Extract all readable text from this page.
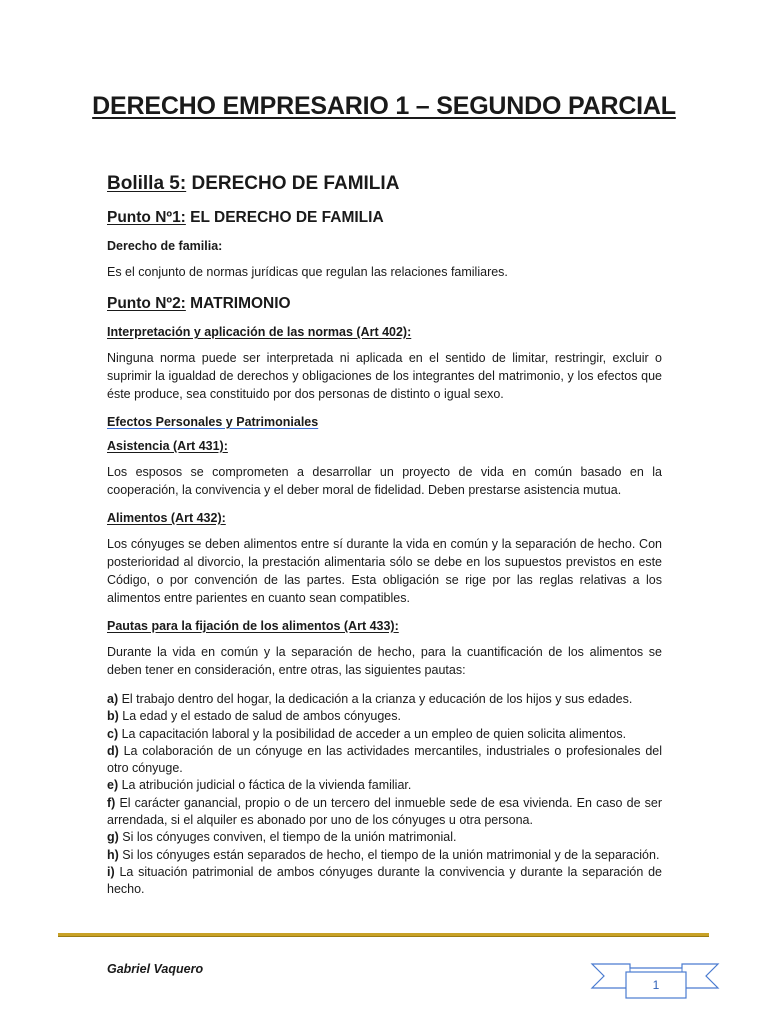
DERECHO EMPRESARIO 1 – SEGUNDO PARCIAL
Bolilla 5: DERECHO DE FAMILIA
Punto Nº1: EL DERECHO DE FAMILIA
Derecho de familia:

Es el conjunto de normas jurídicas que regulan las relaciones familiares.

Punto Nº2: MATRIMONIO
Interpretación y aplicación de las normas (Art 402):

Ninguna norma puede ser interpretada ni aplicada en el sentido de limitar, restringir, excluir o suprimir la igualdad de derechos y obligaciones de los integrantes del matrimonio, y los efectos que éste produce, sea constituido por dos personas de distinto o igual sexo.

Efectos Personales y Patrimoniales
Asistencia (Art 431):

Los esposos se comprometen a desarrollar un proyecto de vida en común basado en la cooperación, la convivencia y el deber moral de fidelidad. Deben prestarse asistencia mutua.

Alimentos (Art 432):

Los cónyuges se deben alimentos entre sí durante la vida en común y la separación de hecho. Con posterioridad al divorcio, la prestación alimentaria sólo se debe en los supuestos previstos en este Código, o por convención de las partes. Esta obligación se rige por las reglas relativas a los alimentos entre parientes en cuanto sean compatibles.

Pautas para la fijación de los alimentos (Art 433):

Durante la vida en común y la separación de hecho, para la cuantificación de los alimentos se deben tener en consideración, entre otras, las siguientes pautas:

a) El trabajo dentro del hogar, la dedicación a la crianza y educación de los hijos y sus edades.

b) La edad y el estado de salud de ambos cónyuges.

c) La capacitación laboral y la posibilidad de acceder a un empleo de quien solicita alimentos.

d) La colaboración de un cónyuge en las actividades mercantiles, industriales o profesionales del otro cónyuge.

e) La atribución judicial o fáctica de la vivienda familiar.

f) El carácter ganancial, propio o de un tercero del inmueble sede de esa vivienda. En caso de ser arrendada, si el alquiler es abonado por uno de los cónyuges u otra persona.

g) Si los cónyuges conviven, el tiempo de la unión matrimonial.

h) Si los cónyuges están separados de hecho, el tiempo de la unión matrimonial y de la separación.

i) La situación patrimonial de ambos cónyuges durante la convivencia y durante la separación de hecho.

Gabriel Vaquero
1
